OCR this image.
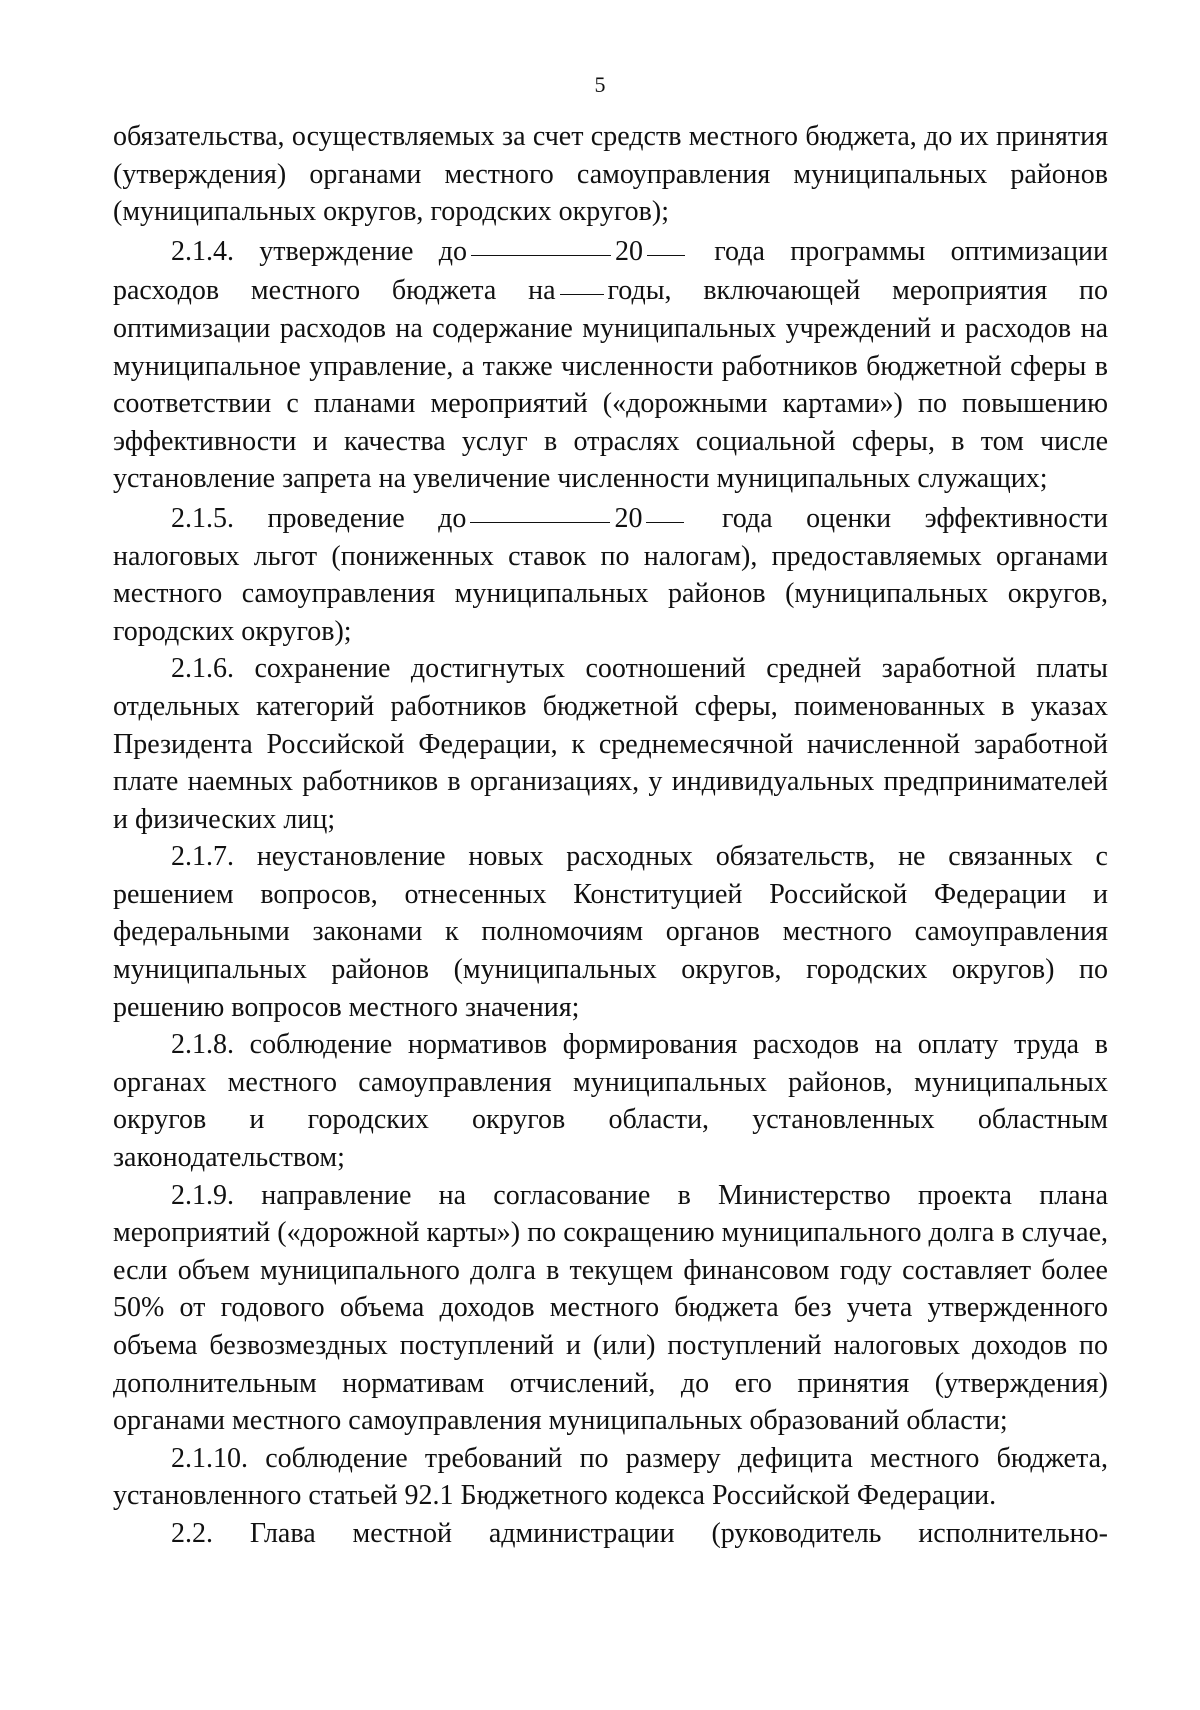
5

обязательства, осуществляемых за счет средств местного бюджета, до их принятия (утверждения) органами местного самоуправления муниципальных районов (муниципальных округов, городских округов);

2.1.4. утверждение до	20	года программы оптимизации расходов местного бюджета на годы, включающей мероприятия по оптимизации расходов на содержание муниципальных учреждений и расходов на муниципальное управление, а также численности работников бюджетной сферы в соответствии с планами мероприятий («дорожными картами») по повышению эффективности и качества услуг в отраслях социальной сферы, в том числе установление запрета на увеличение численности муниципальных служащих;

2.1.5. проведение до	20	года оценки эффективности налоговых льгот (пониженных ставок по налогам), предоставляемых органами местного самоуправления муниципальных районов (муниципальных округов, городских округов);

2.1.6. сохранение достигнутых соотношений средней заработной платы отдельных категорий работников бюджетной сферы, поименованных в указах Президента Российской Федерации, к среднемесячной начисленной заработной плате наемных работников в организациях, у индивидуальных предпринимателей и физических лиц;

2.1.7. неустановление новых расходных обязательств, не связанных с решением вопросов, отнесенных Конституцией Российской Федерации и федеральными законами к полномочиям органов местного самоуправления муниципальных районов (муниципальных округов, городских округов) по решению вопросов местного значения;

2.1.8. соблюдение нормативов формирования расходов на оплату труда в органах местного самоуправления муниципальных районов, муниципальных округов и городских округов области, установленных областным законодательством;

2.1.9. направление на согласование в Министерство проекта плана мероприятий («дорожной карты») по сокращению муниципального долга в случае, если объем муниципального долга в текущем финансовом году составляет более 50% от годового объема доходов местного бюджета без учета утвержденного объема безвозмездных поступлений и (или) поступлений налоговых доходов по дополнительным нормативам отчислений, до его принятия (утверждения) органами местного самоуправления муниципальных образований области;

2.1.10. соблюдение требований по размеру дефицита местного бюджета, установленного статьей 92.1 Бюджетного кодекса Российской Федерации.

2.2. Глава местной администрации (руководитель исполнительно-
